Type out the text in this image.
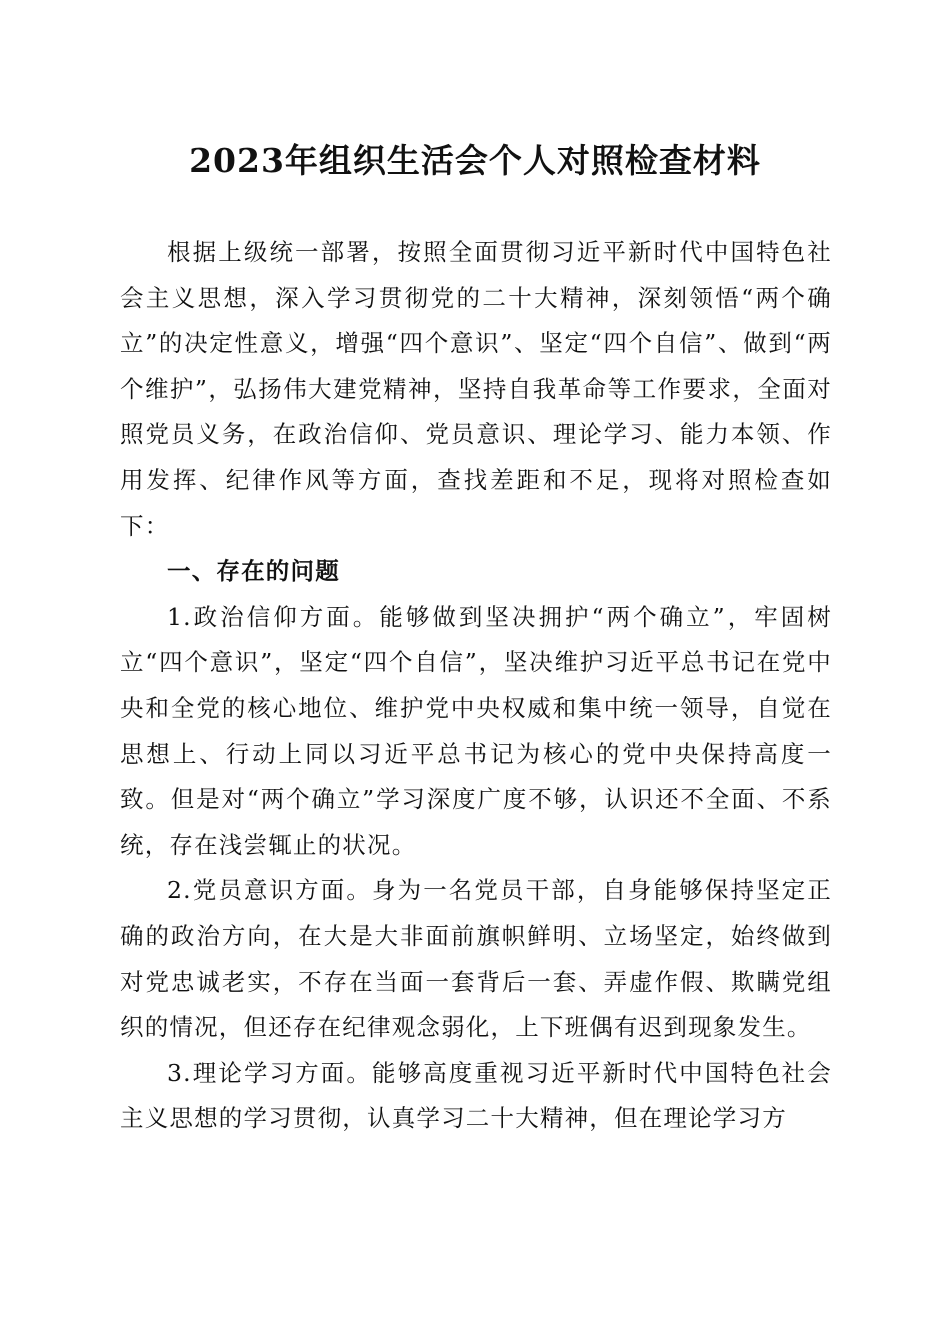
2023年组织生活会个人对照检查材料

根据上级统一部署，按照全面贯彻习近平新时代中国特色社会主义思想，深入学习贯彻党的二十大精神，深刻领悟“两个确立”的决定性意义，增强“四个意识”、坚定“四个自信”、做到“两个维护”，弘扬伟大建党精神，坚持自我革命等工作要求，全面对照党员义务，在政治信仰、党员意识、理论学习、能力本领、作用发挥、纪律作风等方面，查找差距和不足，现将对照检查如下：

一、存在的问题

1.政治信仰方面。能够做到坚决拥护“两个确立”，牢固树立“四个意识”，坚定“四个自信”，坚决维护习近平总书记在党中央和全党的核心地位、维护党中央权威和集中统一领导，自觉在思想上、行动上同以习近平总书记为核心的党中央保持高度一致。但是对“两个确立”学习深度广度不够，认识还不全面、不系统，存在浅尝辄止的状况。

2.党员意识方面。身为一名党员干部，自身能够保持坚定正确的政治方向，在大是大非面前旗帜鲜明、立场坚定，始终做到对党忠诚老实，不存在当面一套背后一套、弄虚作假、欺瞒党组织的情况，但还存在纪律观念弱化，上下班偶有迟到现象发生。

3.理论学习方面。能够高度重视习近平新时代中国特色社会主义思想的学习贯彻，认真学习二十大精神，但在理论学习方
